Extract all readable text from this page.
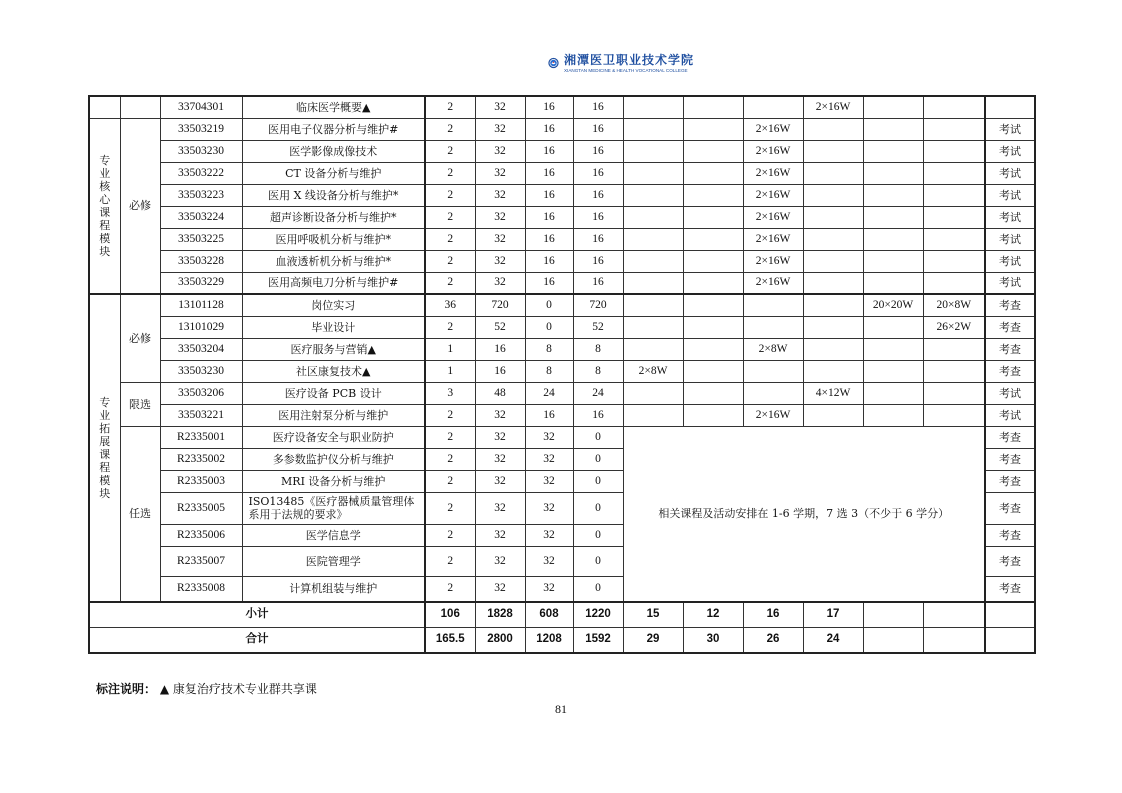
湘潭医卫职业技术学院
XIANGTAN MEDICINE & HEALTH VOCATIONAL COLLEGE
		33704301	临床医学概要▲	2	32	16	16				2×16W			

专业核心课程模块	必修	33503219	医用电子仪器分析与维护#	2	32	16	16			2×16W				考试
		33503230	医学影像成像技术	2	32	16	16			2×16W				考试
		33503222	CT 设备分析与维护	2	32	16	16			2×16W				考试
		33503223	医用 X 线设备分析与维护*	2	32	16	16			2×16W				考试
		33503224	超声诊断设备分析与维护*	2	32	16	16			2×16W				考试
		33503225	医用呼吸机分析与维护*	2	32	16	16			2×16W				考试
		33503228	血液透析机分析与维护*	2	32	16	16			2×16W				考试
		33503229	医用高频电刀分析与维护#	2	32	16	16			2×16W				考试

专业拓展课程模块	必修	13101128	岗位实习	36	720	0	720					20×20W	20×8W	考查
		13101029	毕业设计	2	52	0	52						26×2W	考查
		33503204	医疗服务与营销▲	1	16	8	8			2×8W				考查
		33503230	社区康复技术▲	1	16	8	8	2×8W						考查
	限选	33503206	医疗设备 PCB 设计	3	48	24	24				4×12W			考试
		33503221	医用注射泵分析与维护	2	32	16	16			2×16W				考试
	任选	R2335001	医疗设备安全与职业防护	2	32	32	0	相关课程及活动安排在 1-6 学期，7 选 3（不少于 6 学分）						考查
		R2335002	多参数监护仪分析与维护	2	32	32	0							考查
		R2335003	MRI 设备分析与维护	2	32	32	0							考查
		R2335005	ISO13485《医疗器械质量管理体系用于法规的要求》	2	32	32	0							考查
		R2335006	医学信息学	2	32	32	0							考查
		R2335007	医院管理学	2	32	32	0							考查
		R2335008	计算机组装与维护	2	32	32	0							考查
小计				106	1828	608	1220	15	12	16	17			
合计				165.5	2800	1208	1592	29	30	26	24			
标注说明： ▲ 康复治疗技术专业群共享课
81
